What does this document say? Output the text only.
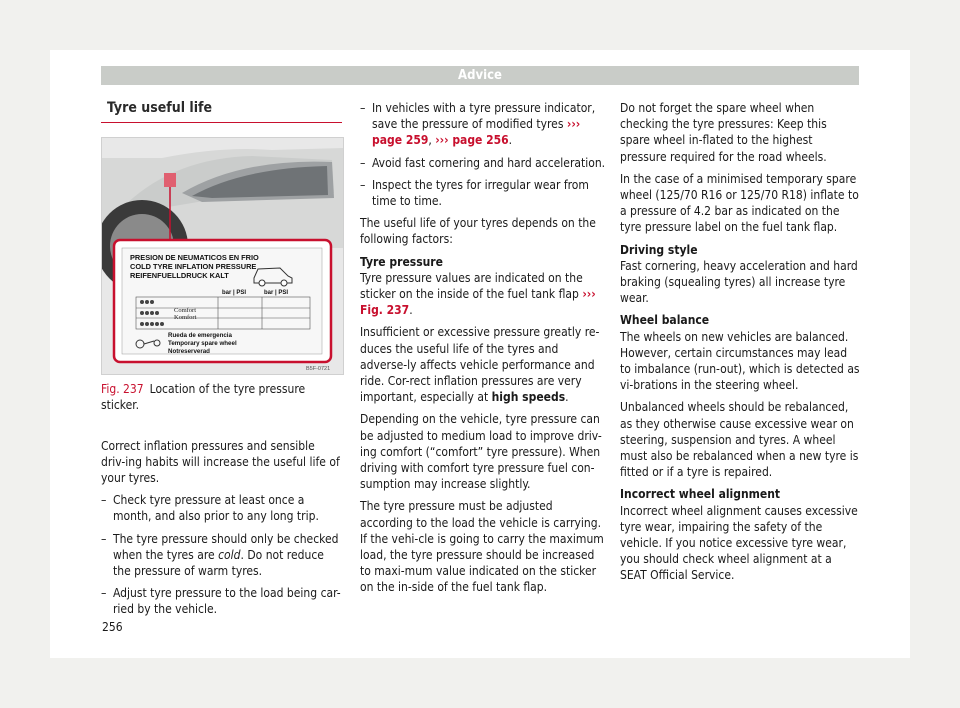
Advice
Tyre useful life
PRESION DE NEUMATICOS EN FRIO
COLD TYRE INFLATION PRESSURE
REIFENFUELLDRUCK KALT
bar | PSI	bar | PSI
Comfort
Komfort
Rueda de emergencia
Temporary spare wheel
Notreserverad
B5F-0721
Fig. 237 Location of the tyre pressure sticker.

Correct inflation pressures and sensible driv-ing habits will increase the useful life of your tyres.

– Check tyre pressure at least once a month, and also prior to any long trip.
– The tyre pressure should only be checked when the tyres are cold. Do not reduce the pressure of warm tyres.
– Adjust tyre pressure to the load being car-ried by the vehicle.
– In vehicles with a tyre pressure indicator, save the pressure of modified tyres ››› page 259, ››› page 256.
– Avoid fast cornering and hard acceleration.
– Inspect the tyres for irregular wear from time to time.

The useful life of your tyres depends on the following factors:

Tyre pressure

Tyre pressure values are indicated on the sticker on the inside of the fuel tank flap ››› Fig. 237.

Insufficient or excessive pressure greatly re-duces the useful life of the tyres and adverse-ly affects vehicle performance and ride. Cor-rect inflation pressures are very important, especially at high speeds.

Depending on the vehicle, tyre pressure can be adjusted to medium load to improve driv-ing comfort (“comfort” tyre pressure). When driving with comfort tyre pressure fuel con-sumption may increase slightly.

The tyre pressure must be adjusted according to the load the vehicle is carrying. If the vehi-cle is going to carry the maximum load, the tyre pressure should be increased to maxi-mum value indicated on the sticker on the in-side of the fuel tank flap.

Do not forget the spare wheel when checking the tyre pressures: Keep this spare wheel in-flated to the highest pressure required for the road wheels.

In the case of a minimised temporary spare wheel (125/70 R16 or 125/70 R18) inflate to a pressure of 4.2 bar as indicated on the tyre pressure label on the fuel tank flap.

Driving style

Fast cornering, heavy acceleration and hard braking (squealing tyres) all increase tyre wear.

Wheel balance

The wheels on new vehicles are balanced. However, certain circumstances may lead to imbalance (run-out), which is detected as vi-brations in the steering wheel.

Unbalanced wheels should be rebalanced, as they otherwise cause excessive wear on steering, suspension and tyres. A wheel must also be rebalanced when a new tyre is fitted or if a tyre is repaired.

Incorrect wheel alignment

Incorrect wheel alignment causes excessive tyre wear, impairing the safety of the vehicle. If you notice excessive tyre wear, you should check wheel alignment at a SEAT Official Service.

256
